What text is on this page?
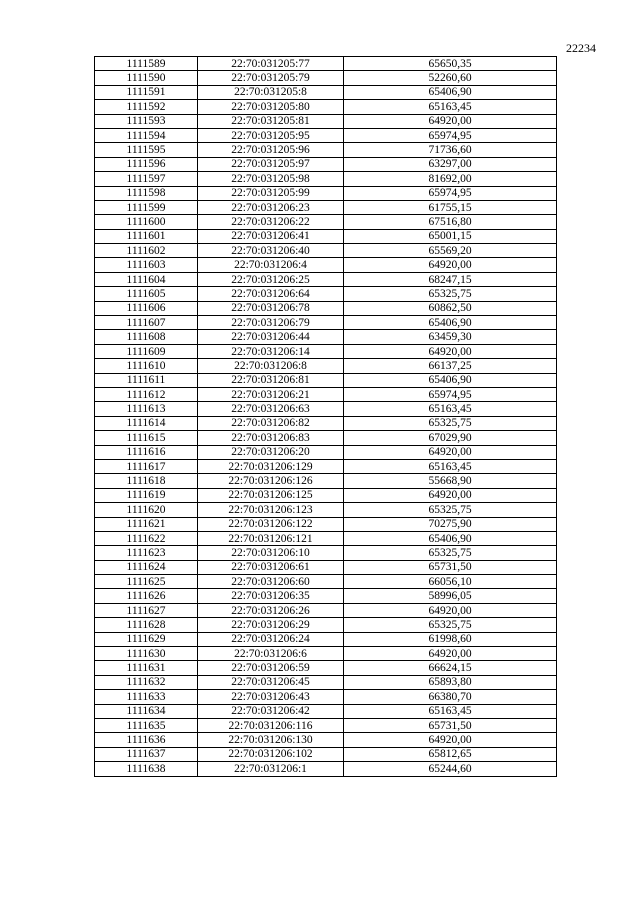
22234
1111589	22:70:031205:77	65650,35
1111590	22:70:031205:79	52260,60
1111591	22:70:031205:8	65406,90
1111592	22:70:031205:80	65163,45
1111593	22:70:031205:81	64920,00
1111594	22:70:031205:95	65974,95
1111595	22:70:031205:96	71736,60
1111596	22:70:031205:97	63297,00
1111597	22:70:031205:98	81692,00
1111598	22:70:031205:99	65974,95
1111599	22:70:031206:23	61755,15
1111600	22:70:031206:22	67516,80
1111601	22:70:031206:41	65001,15
1111602	22:70:031206:40	65569,20
1111603	22:70:031206:4	64920,00
1111604	22:70:031206:25	68247,15
1111605	22:70:031206:64	65325,75
1111606	22:70:031206:78	60862,50
1111607	22:70:031206:79	65406,90
1111608	22:70:031206:44	63459,30
1111609	22:70:031206:14	64920,00
1111610	22:70:031206:8	66137,25
1111611	22:70:031206:81	65406,90
1111612	22:70:031206:21	65974,95
1111613	22:70:031206:63	65163,45
1111614	22:70:031206:82	65325,75
1111615	22:70:031206:83	67029,90
1111616	22:70:031206:20	64920,00
1111617	22:70:031206:129	65163,45
1111618	22:70:031206:126	55668,90
1111619	22:70:031206:125	64920,00
1111620	22:70:031206:123	65325,75
1111621	22:70:031206:122	70275,90
1111622	22:70:031206:121	65406,90
1111623	22:70:031206:10	65325,75
1111624	22:70:031206:61	65731,50
1111625	22:70:031206:60	66056,10
1111626	22:70:031206:35	58996,05
1111627	22:70:031206:26	64920,00
1111628	22:70:031206:29	65325,75
1111629	22:70:031206:24	61998,60
1111630	22:70:031206:6	64920,00
1111631	22:70:031206:59	66624,15
1111632	22:70:031206:45	65893,80
1111633	22:70:031206:43	66380,70
1111634	22:70:031206:42	65163,45
1111635	22:70:031206:116	65731,50
1111636	22:70:031206:130	64920,00
1111637	22:70:031206:102	65812,65
1111638	22:70:031206:1	65244,60
